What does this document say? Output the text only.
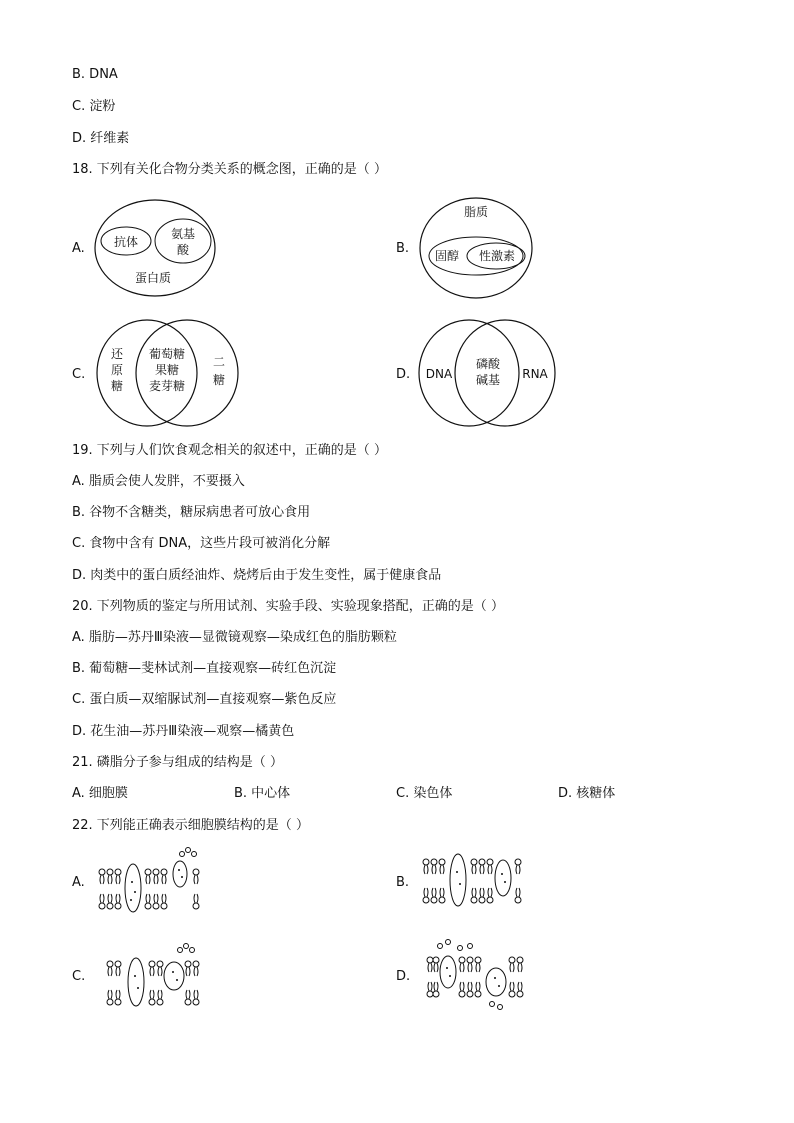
B. DNA
C. 淀粉
D. 纤维素
18. 下列有关化合物分类关系的概念图，正确的是（ ）
A. 抗体
氨基
酸
蛋白质
B.
脂质
固醇 性激素
C.
还
原
糖
葡萄糖
果糖
麦芽糖
二
糖	D. DNA
磷酸
碱基 RNA
19. 下列与人们饮食观念相关的叙述中，正确的是（ ）
A. 脂质会使人发胖，不要摄入
B. 谷物不含糖类，糖尿病患者可放心食用
C. 食物中含有 DNA，这些片段可被消化分解
D. 肉类中的蛋白质经油炸、烧烤后由于发生变性，属于健康食品
20. 下列物质的鉴定与所用试剂、实验手段、实验现象搭配，正确的是（ ）
A. 脂肪—苏丹Ⅲ染液—显微镜观察—染成红色的脂肪颗粒
B. 葡萄糖—斐林试剂—直接观察—砖红色沉淀
C. 蛋白质—双缩脲试剂—直接观察—紫色反应
D. 花生油—苏丹Ⅲ染液—观察—橘黄色
21. 磷脂分子参与组成的结构是（ ）
A. 细胞膜	B. 中心体	C. 染色体	D. 核糖体
22. 下列能正确表示细胞膜结构的是（ ）
A.	B.
C.	D.
